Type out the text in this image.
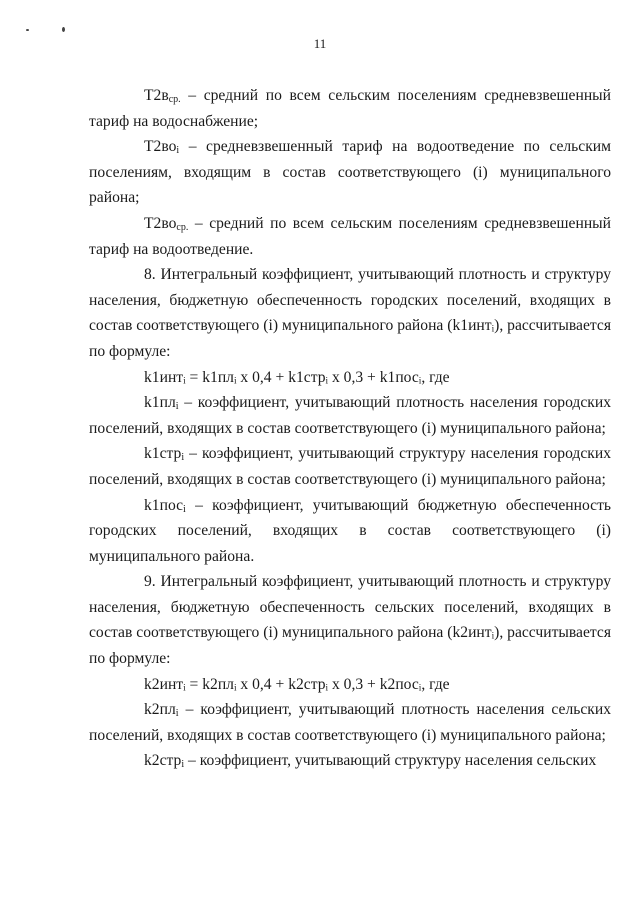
11

$Т2в_{ср.}$ – средний по всем сельским поселениям средневзвешенный тариф на водоснабжение;

$Т2во_i$ – средневзвешенный тариф на водоотведение по сельским поселениям, входящим в состав соответствующего (i) муниципального района;

$Т2во_{ср.}$ – средний по всем сельским поселениям средневзвешенный тариф на водоотведение.

8. Интегральный коэффициент, учитывающий плотность и структуру населения, бюджетную обеспеченность городских поселений, входящих в состав соответствующего (i) муниципального района (k1интᵢ), рассчитывается по формуле:

k1интᵢ = k1плᵢ х 0,4 + k1стрᵢ х 0,3 + k1посᵢ, где

$k1пл_i$ – коэффициент, учитывающий плотность населения городских поселений, входящих в состав соответствующего (i) муниципального района;

k1стр$_i$ – коэффициент, учитывающий структуру населения городских поселений, входящих в состав соответствующего (i) муниципального района;

k1пос$_i$ – коэффициент, учитывающий бюджетную обеспеченность городских поселений, входящих в состав соответствующего (i) муниципального района.

9. Интегральный коэффициент, учитывающий плотность и структуру населения, бюджетную обеспеченность сельских поселений, входящих в состав соответствующего (i) муниципального района (k2интᵢ), рассчитывается по формуле:

k2интᵢ = k2плᵢ х 0,4 + k2стрᵢ х 0,3 + k2посᵢ, где

$k2пл_i$ – коэффициент, учитывающий плотность населения сельских поселений, входящих в состав соответствующего (i) муниципального района;

k2стр$_i$ – коэффициент, учитывающий структуру населения сельских
